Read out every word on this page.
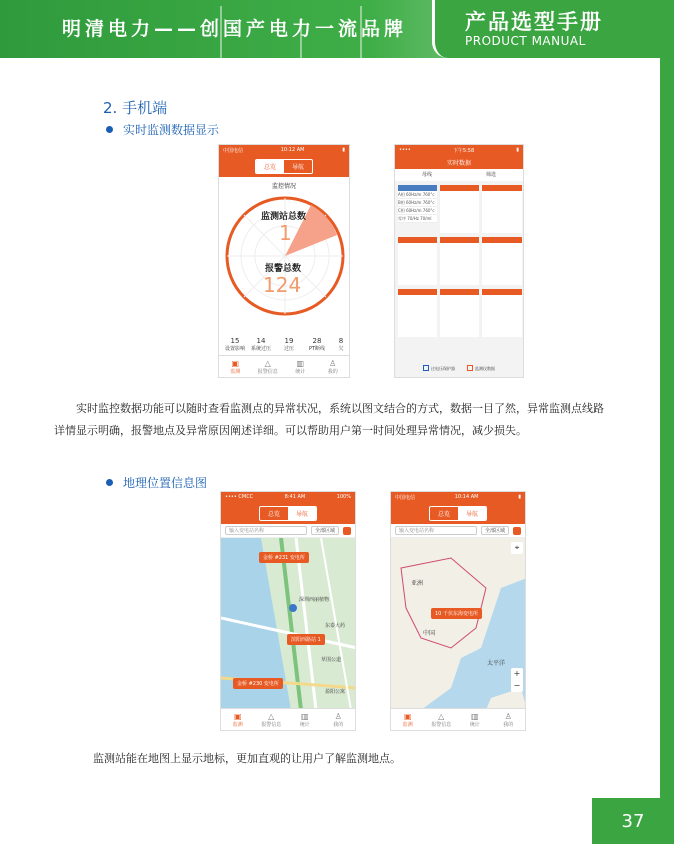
明清电力——创国产电力一流品牌	产品选型手册
PRODUCT MANUAL
2. 手机端
实时监测数据显示
中国电信	10:12 AM	▮
总览	导航
监控情况
监测站总数
1
报警总数
124
15
设置影响
14
系统过压
19
过压
28
PT断线
8
欠
▣
监测
△
报警信息
▥
统计
♙
我的
••••	下午5:58	▮
实时数据
母线	筛选

A相 60Hz/m 760°c
B相 60Hz/m 760°c
C相 60Hz/m 760°c
零序 70/Hz 70/ml

过电压保护器	监测仪数据
实时监控数据功能可以随时查看监测点的异常状况，系统以图文结合的方式，数据一目了然，异常监测点线路详情显示明确，报警地点及异常原因阐述详细。可以帮助用户第一时间处理异常情况，减少损失。
地理位置信息图
•••• CMCC	8:41 AM	100%
总览	导航
输入变电站名称	全部区域
金桥 #231 变电所
滨阳西路站 1
金桥 #230 变电所
深圳西丽植物
东泰大药
草围公道
盈阳公寓
▣
监测
△
报警信息
▥
统计
♙
我的
中国电信	10:14 AM	▮
总览	导航
输入变电站名称	全部区域
10 千伏东海变电所
亚洲
中国
太平洋
⌖
+
−
▣
监测
△
报警信息
▥
统计
♙
我的
监测站能在地图上显示地标，更加直观的让用户了解监测地点。
37
